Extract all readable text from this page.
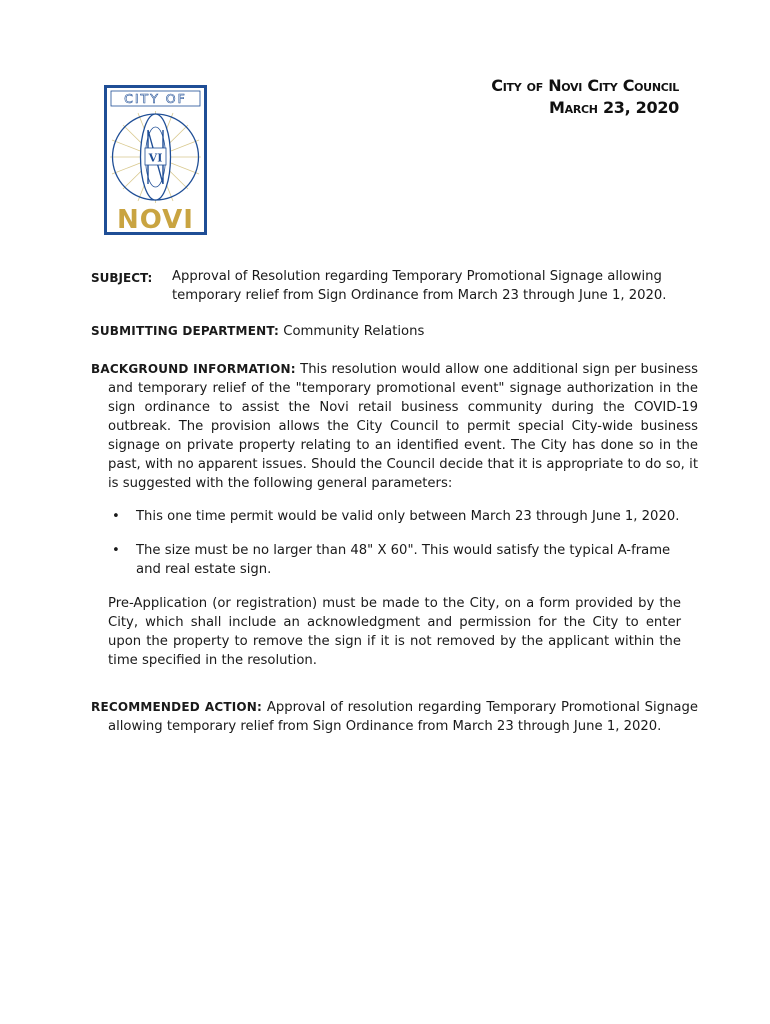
CITY OF
VI
NOVI
City of Novi City Council
March 23, 2020
SUBJECT: Approval of Resolution regarding Temporary Promotional Signage allowing temporary relief from Sign Ordinance from March 23 through June 1, 2020.
SUBMITTING DEPARTMENT: Community Relations
BACKGROUND INFORMATION: This resolution would allow one additional sign per business and temporary relief of the "temporary promotional event" signage authorization in the sign ordinance to assist the Novi retail business community during the COVID-19 outbreak. The provision allows the City Council to permit special City-wide business signage on private property relating to an identified event. The City has done so in the past, with no apparent issues. Should the Council decide that it is appropriate to do so, it is suggested with the following general parameters:
• This one time permit would be valid only between March 23 through June 1, 2020.
• The size must be no larger than 48" X 60". This would satisfy the typical A-frame and real estate sign.
Pre-Application (or registration) must be made to the City, on a form provided by the City, which shall include an acknowledgment and permission for the City to enter upon the property to remove the sign if it is not removed by the applicant within the time specified in the resolution.
RECOMMENDED ACTION: Approval of resolution regarding Temporary Promotional Signage allowing temporary relief from Sign Ordinance from March 23 through June 1, 2020.
